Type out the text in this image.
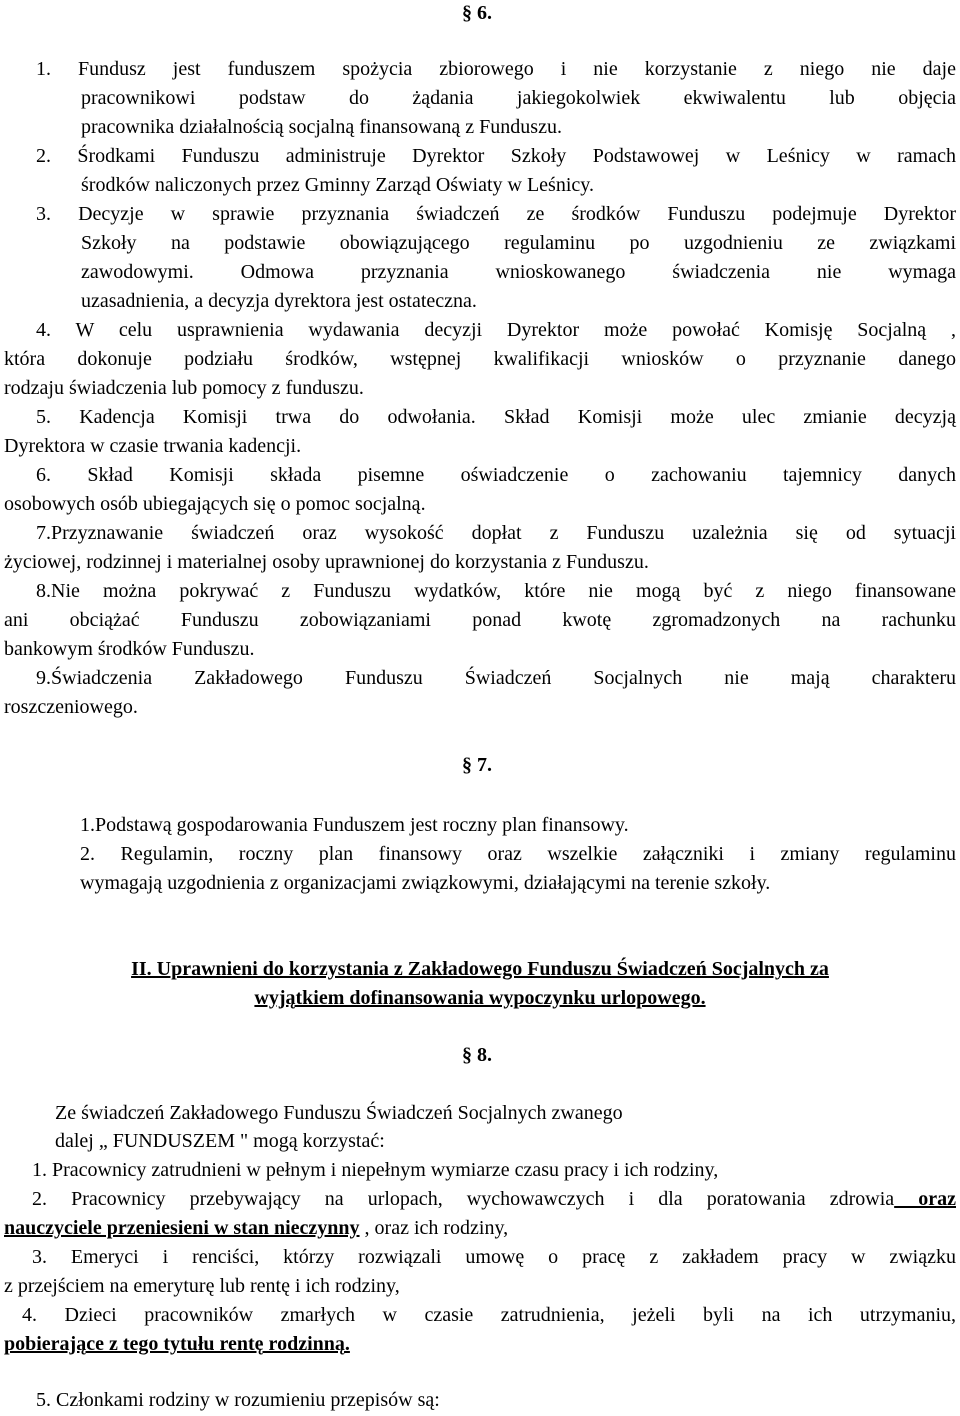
§ 6.
1. Fundusz jest funduszem spożycia zbiorowego i nie korzystanie z niego nie daje
pracownikowi podstaw do żądania jakiegokolwiek ekwiwalentu lub objęcia
pracownika działalnością socjalną finansowaną z Funduszu.
2. Środkami Funduszu administruje Dyrektor Szkoły Podstawowej w Leśnicy w ramach
środków naliczonych przez Gminny Zarząd Oświaty w Leśnicy.
3. Decyzje w sprawie przyznania świadczeń ze środków Funduszu podejmuje Dyrektor
Szkoły na podstawie obowiązującego regulaminu po uzgodnieniu ze związkami
zawodowymi. Odmowa przyznania wnioskowanego świadczenia nie wymaga
uzasadnienia, a decyzja dyrektora jest ostateczna.
4. W celu usprawnienia wydawania decyzji Dyrektor może powołać Komisję Socjalną ,
która dokonuje podziału środków, wstępnej kwalifikacji wniosków o przyznanie danego
rodzaju świadczenia lub pomocy z funduszu.
5. Kadencja Komisji trwa do odwołania. Skład Komisji może ulec zmianie decyzją
Dyrektora w czasie trwania kadencji.
6. Skład Komisji składa pisemne oświadczenie o zachowaniu tajemnicy danych
osobowych osób ubiegających się o pomoc socjalną.
7.Przyznawanie świadczeń oraz wysokość dopłat z Funduszu uzależnia się od sytuacji
życiowej, rodzinnej i materialnej osoby uprawnionej do korzystania z Funduszu.
8.Nie można pokrywać z Funduszu wydatków, które nie mogą być z niego finansowane
ani obciążać Funduszu zobowiązaniami ponad kwotę zgromadzonych na rachunku
bankowym środków Funduszu.
9.Świadczenia Zakładowego Funduszu Świadczeń Socjalnych nie mają charakteru
roszczeniowego.
§ 7.
1.Podstawą gospodarowania Funduszem jest roczny plan finansowy.
2. Regulamin, roczny plan finansowy oraz wszelkie załączniki i zmiany regulaminu
wymagają uzgodnienia z organizacjami związkowymi, działającymi na terenie szkoły.
II. Uprawnieni do korzystania z Zakładowego Funduszu Świadczeń Socjalnych za
wyjątkiem dofinansowania wypoczynku urlopowego.
§ 8.
Ze świadczeń Zakładowego Funduszu Świadczeń Socjalnych zwanego
dalej „ FUNDUSZEM " mogą korzystać:
1. Pracownicy zatrudnieni w pełnym i niepełnym wymiarze czasu pracy i ich rodziny,
2. Pracownicy przebywający na urlopach, wychowawczych i dla poratowania zdrowia oraz
nauczyciele przeniesieni w stan nieczynny , oraz ich rodziny,
3. Emeryci i renciści, którzy rozwiązali umowę o pracę z zakładem pracy w związku
z przejściem na emeryturę lub rentę i ich rodziny,
4. Dzieci pracowników zmarłych w czasie zatrudnienia, jeżeli byli na ich utrzymaniu,
pobierające z tego tytułu rentę rodzinną.
5. Członkami rodziny w rozumieniu przepisów są:
